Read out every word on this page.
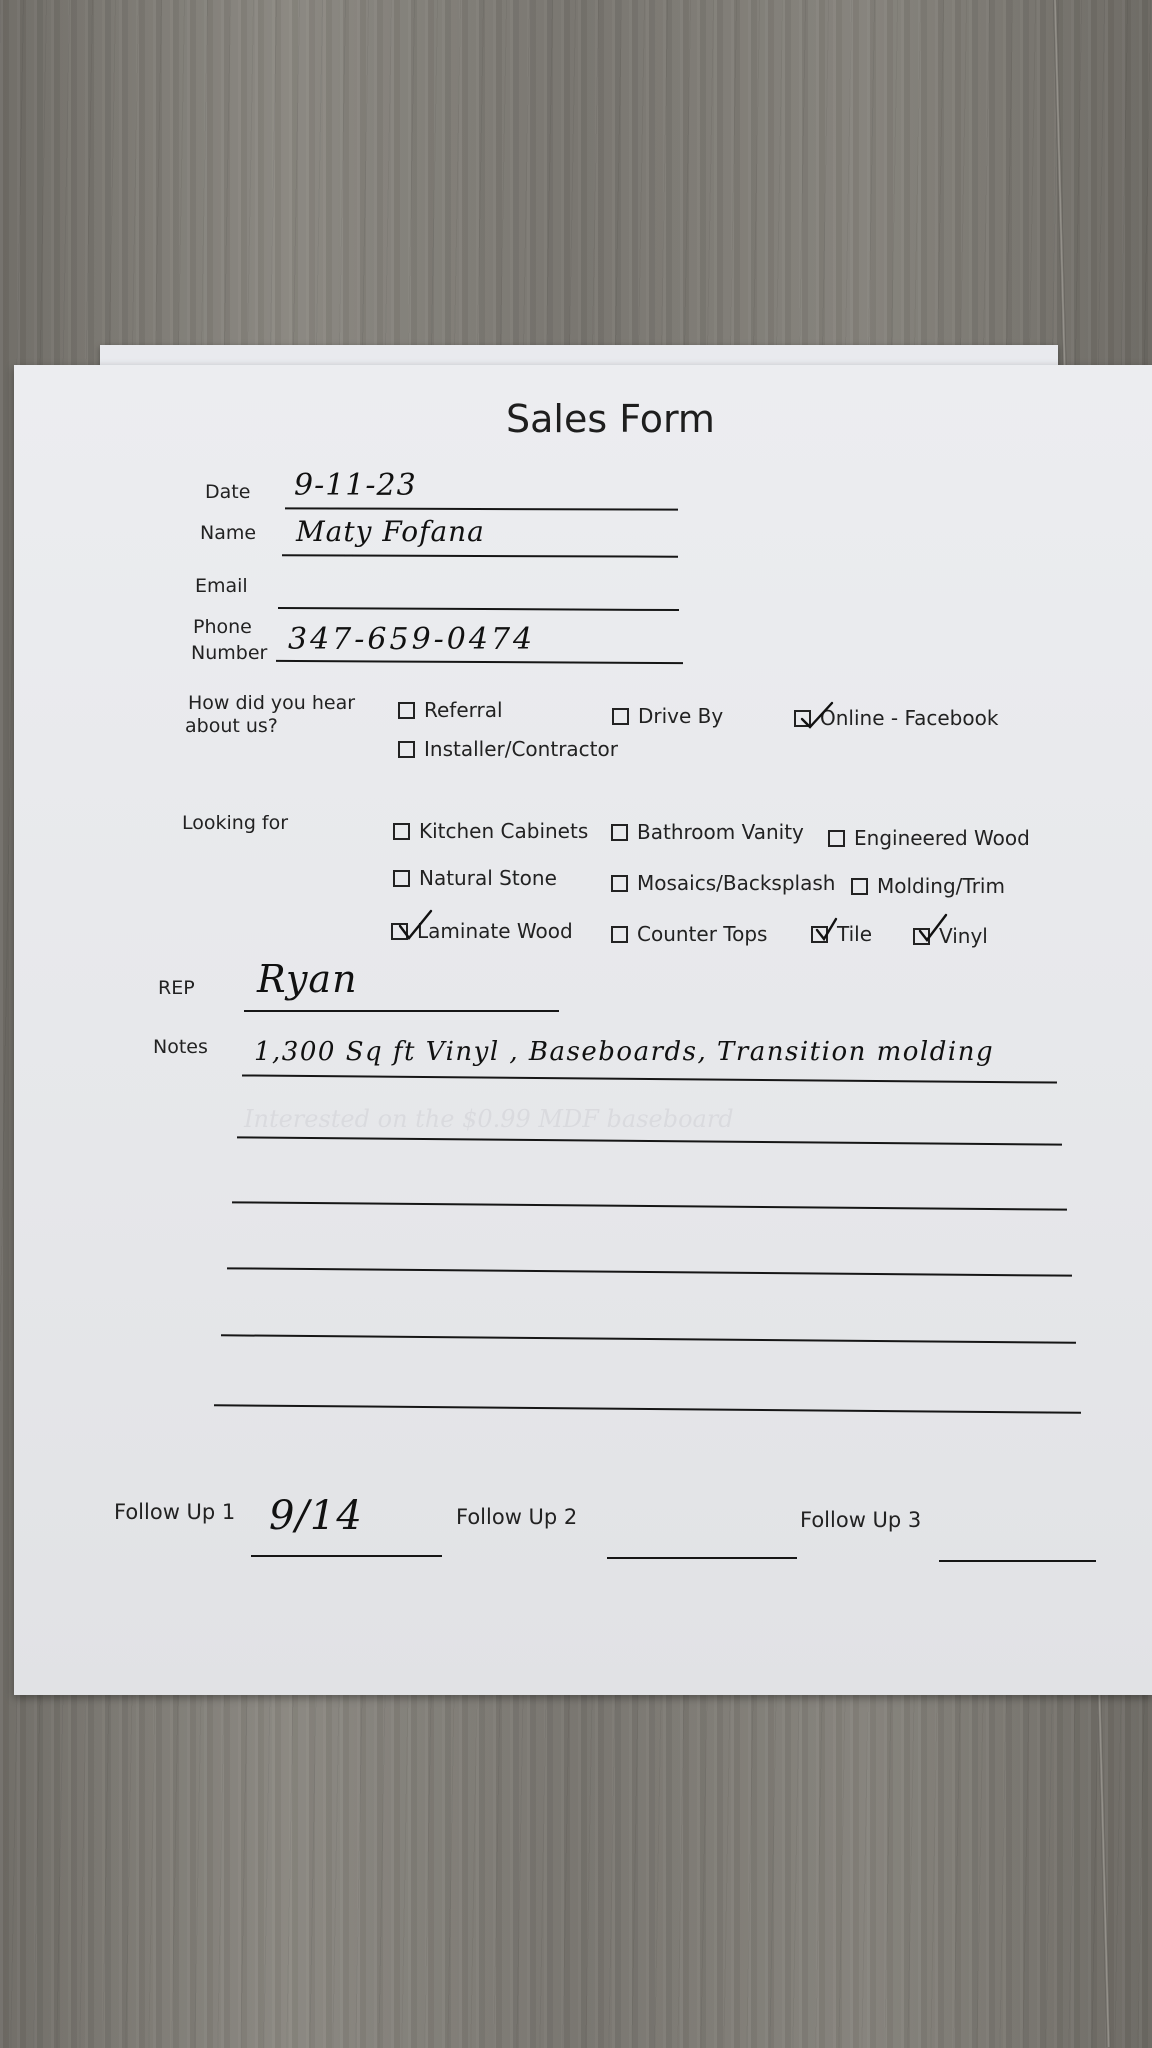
Sales Form
Date 9-11-23
Name Maty Fofana
Email
Phone
Number 347-659-0474
How did you hear
about us?
Referral	Drive By	Online - Facebook
Installer/Contractor
Looking for	Kitchen Cabinets Bathroom Vanity	Engineered Wood
Natural Stone	Mosaics/Backsplash Molding/Trim
Laminate Wood	Counter Tops	Tile	Vinyl
REP Ryan
Notes 1,300 Sq ft Vinyl , Baseboards, Transition molding
Interested on the $0.99 MDF baseboard
Follow Up 1 9/14	Follow Up 2	Follow Up 3
